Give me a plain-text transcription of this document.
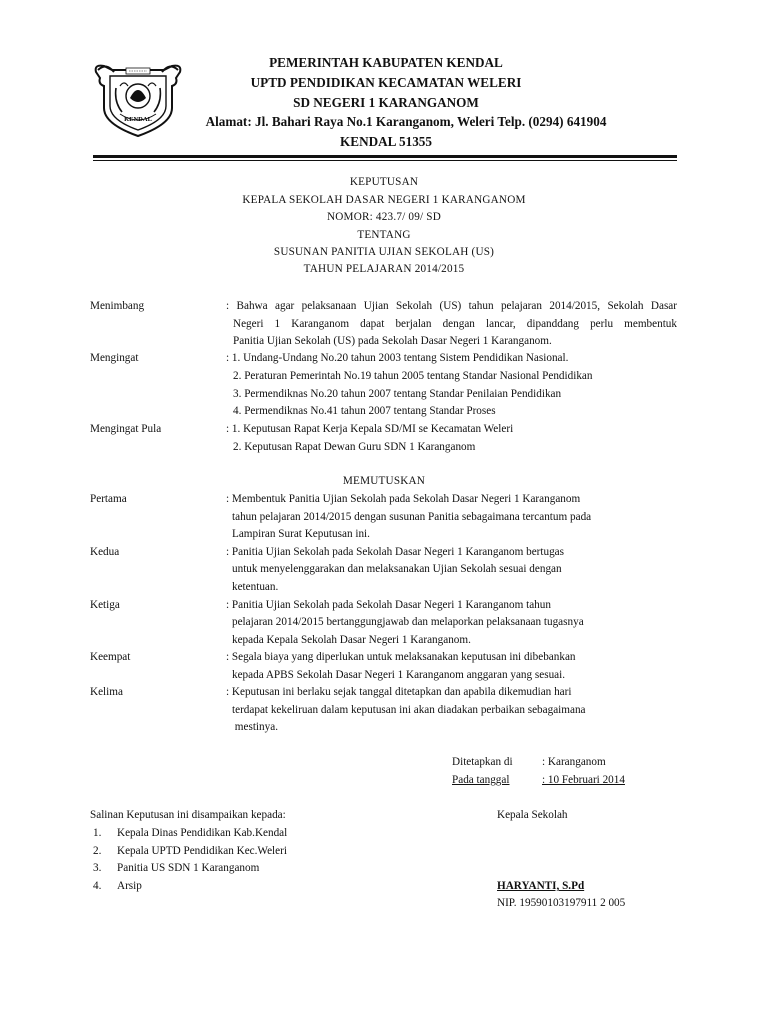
KENDAL
PEMERINTAH KABUPATEN KENDAL
UPTD PENDIDIKAN KECAMATAN WELERI
SD NEGERI 1 KARANGANOM
Alamat: Jl. Bahari Raya No.1 Karanganom, Weleri Telp. (0294) 641904
KENDAL 51355
KEPUTUSAN
KEPALA SEKOLAH DASAR NEGERI 1 KARANGANOM
NOMOR: 423.7/ 09/ SD
TENTANG
SUSUNAN PANITIA UJIAN SEKOLAH (US)
TAHUN PELAJARAN 2014/2015
Menimbang	: Bahwa agar pelaksanaan Ujian Sekolah (US) tahun pelajaran 2014/2015, Sekolah Dasar
Negeri 1 Karanganom dapat berjalan dengan lancar, dipanddang perlu membentuk
Panitia Ujian Sekolah (US) pada Sekolah Dasar Negeri 1 Karanganom.
Mengingat	: 1. Undang-Undang No.20 tahun 2003 tentang Sistem Pendidikan Nasional.
2. Peraturan Pemerintah No.19 tahun 2005 tentang Standar Nasional Pendidikan
3. Permendiknas No.20 tahun 2007 tentang Standar Penilaian Pendidikan
4. Permendiknas No.41 tahun 2007 tentang Standar Proses
Mengingat Pula	: 1. Keputusan Rapat Kerja Kepala SD/MI se Kecamatan Weleri
2. Keputusan Rapat Dewan Guru SDN 1 Karanganom
MEMUTUSKAN
Pertama	: Membentuk Panitia Ujian Sekolah pada Sekolah Dasar Negeri 1 Karanganom
tahun pelajaran 2014/2015 dengan susunan Panitia sebagaimana tercantum pada
Lampiran Surat Keputusan ini.
Kedua	: Panitia Ujian Sekolah pada Sekolah Dasar Negeri 1 Karanganom bertugas
untuk menyelenggarakan dan melaksanakan Ujian Sekolah sesuai dengan
ketentuan.
Ketiga	: Panitia Ujian Sekolah pada Sekolah Dasar Negeri 1 Karanganom tahun
pelajaran 2014/2015 bertanggungjawab dan melaporkan pelaksanaan tugasnya
kepada Kepala Sekolah Dasar Negeri 1 Karanganom.
Keempat	: Segala biaya yang diperlukan untuk melaksanakan keputusan ini dibebankan
kepada APBS Sekolah Dasar Negeri 1 Karanganom anggaran yang sesuai.
Kelima	: Keputusan ini berlaku sejak tanggal ditetapkan dan apabila dikemudian hari
terdapat kekeliruan dalam keputusan ini akan diadakan perbaikan sebagaimana
mestinya.
Ditetapkan di	: Karanganom
Pada tanggal	: 10 Februari 2014
Salinan Keputusan ini disampaikan kepada:
1. Kepala Dinas Pendidikan Kab.Kendal
2. Kepala UPTD Pendidikan Kec.Weleri
3. Panitia US SDN 1 Karanganom
4. Arsip
Kepala Sekolah
HARYANTI, S.Pd
NIP. 19590103197911 2 005
